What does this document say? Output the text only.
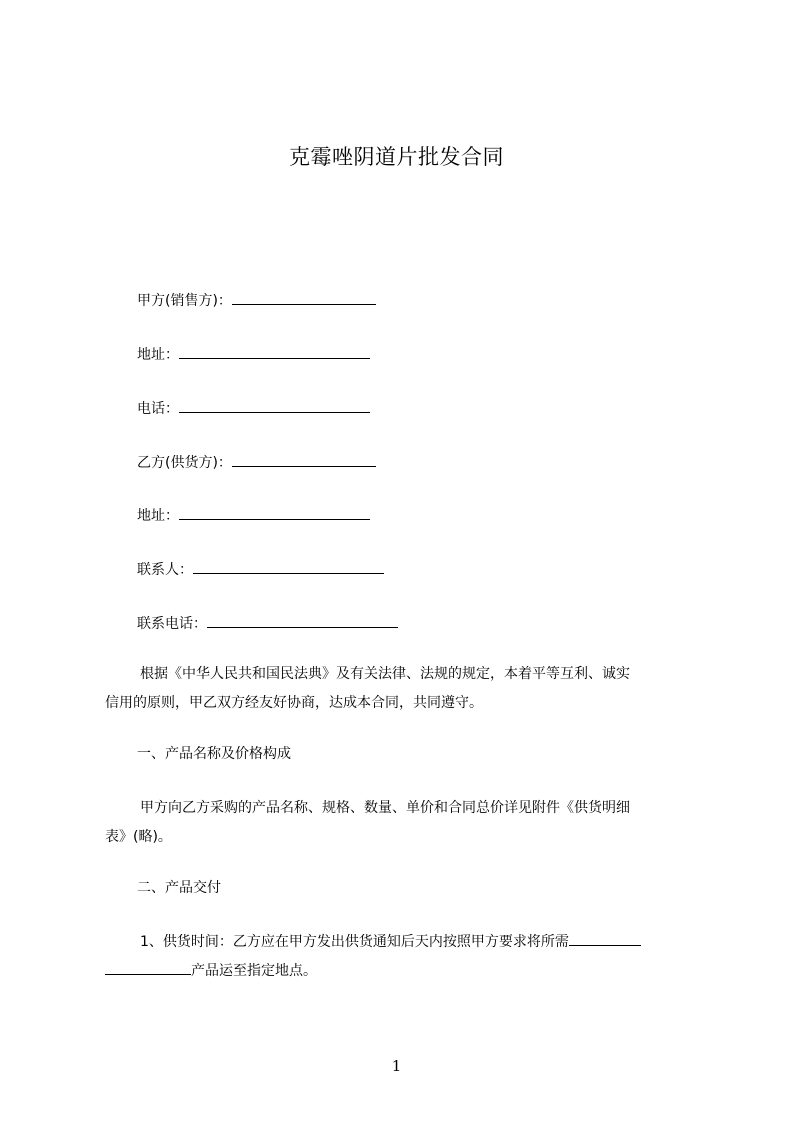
克霉唑阴道片批发合同
甲方(销售方)：
地址：
电话：
乙方(供货方)：
地址：
联系人：
联系电话：
根据《中华人民共和国民法典》及有关法律、法规的规定，本着平等互利、诚实
信用的原则，甲乙双方经友好协商，达成本合同，共同遵守。
一、产品名称及价格构成
甲方向乙方采购的产品名称、规格、数量、单价和合同总价详见附件《供货明细
表》(略)。
二、产品交付
1、供货时间：乙方应在甲方发出供货通知后天内按照甲方要求将所需
产品运至指定地点。
1
